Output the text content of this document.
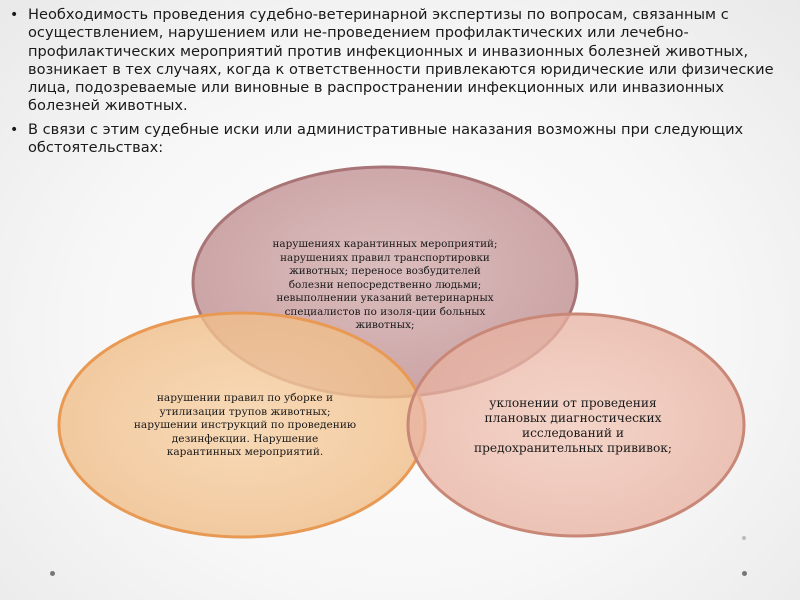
• Необходимость проведения судебно-ветеринарной экспертизы по вопросам, связанным с осуществлением, нарушением или не-проведением профилактических или лечебно-профилактических мероприятий против инфекционных и инвазионных болезней животных, возникает в тех случаях, когда к ответственности привлекаются юридические или физические лица, подозреваемые или виновные в распространении инфекционных или инвазионных болезней животных.
• В связи с этим судебные иски или административные наказания возможны при следующих обстоятельствах:
нарушениях карантинных мероприятий;
нарушениях правил транспортировки
животных; переносе возбудителей
болезни непосредственно людьми;
невыполнении указаний ветеринарных
специалистов по изоля-ции больных
животных;
нарушении правил по уборке и
утилизации трупов животных;
нарушении инструкций по проведению
дезинфекции. Нарушение
карантинных мероприятий.
уклонении от проведения
плановых диагностических
исследований и
предохранительных прививок;
